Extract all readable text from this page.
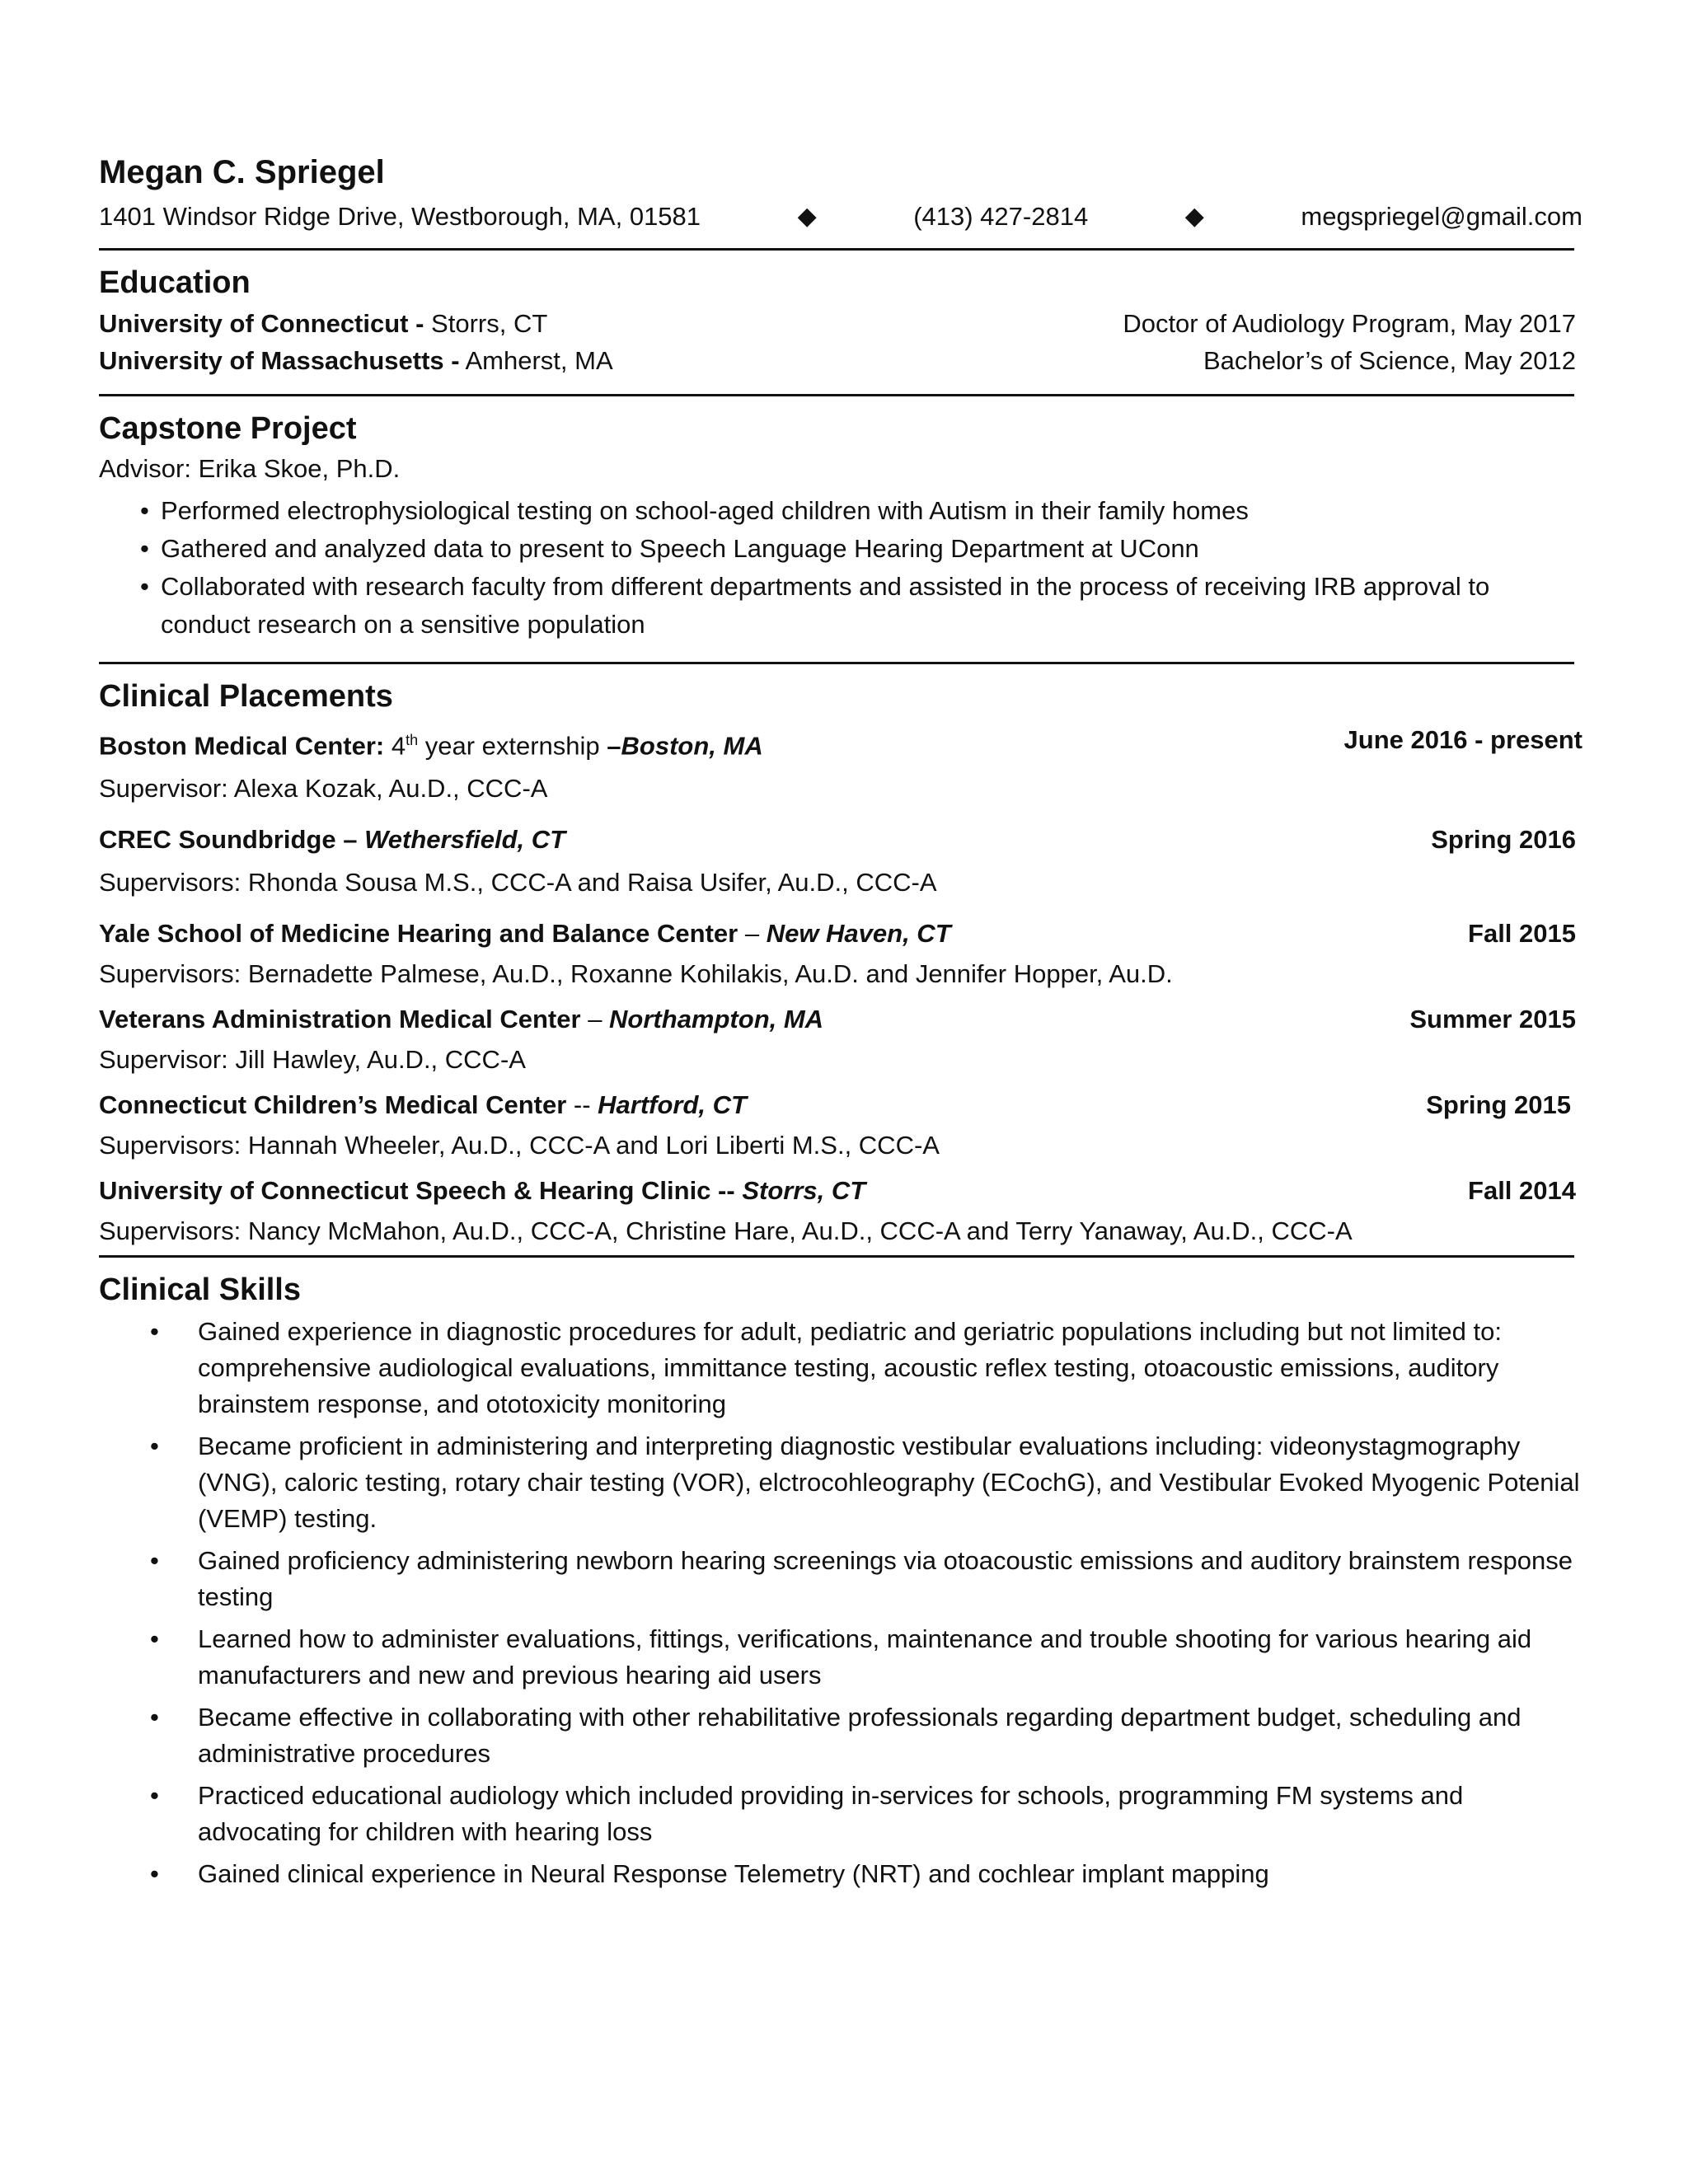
Megan C. Spriegel
1401 Windsor Ridge Drive, Westborough, MA, 01581	◆	(413) 427-2814	◆	megspriegel@gmail.com
Education
University of Connecticut - Storrs, CT	Doctor of Audiology Program, May 2017
University of Massachusetts - Amherst, MA	Bachelor’s of Science, May 2012
Capstone Project
Advisor: Erika Skoe, Ph.D.
• Performed electrophysiological testing on school-aged children with Autism in their family homes
• Gathered and analyzed data to present to Speech Language Hearing Department at UConn
• Collaborated with research faculty from different departments and assisted in the process of receiving IRB approval to conduct research on a sensitive population
Clinical Placements
Boston Medical Center: 4th year externship –Boston, MA	June 2016 - present
Supervisor: Alexa Kozak, Au.D., CCC-A
CREC Soundbridge – Wethersfield, CT	Spring 2016
Supervisors: Rhonda Sousa M.S., CCC-A and Raisa Usifer, Au.D., CCC-A
Yale School of Medicine Hearing and Balance Center – New Haven, CT	Fall 2015
Supervisors: Bernadette Palmese, Au.D., Roxanne Kohilakis, Au.D. and Jennifer Hopper, Au.D.
Veterans Administration Medical Center – Northampton, MA	Summer 2015
Supervisor: Jill Hawley, Au.D., CCC-A
Connecticut Children’s Medical Center -- Hartford, CT	Spring 2015
Supervisors: Hannah Wheeler, Au.D., CCC-A and Lori Liberti M.S., CCC-A
University of Connecticut Speech & Hearing Clinic -- Storrs, CT	Fall 2014
Supervisors: Nancy McMahon, Au.D., CCC-A, Christine Hare, Au.D., CCC-A and Terry Yanaway, Au.D., CCC-A
Clinical Skills
• Gained experience in diagnostic procedures for adult, pediatric and geriatric populations including but not limited to: comprehensive audiological evaluations, immittance testing, acoustic reflex testing, otoacoustic emissions, auditory brainstem response, and ototoxicity monitoring
• Became proficient in administering and interpreting diagnostic vestibular evaluations including: videonystagmography (VNG), caloric testing, rotary chair testing (VOR), elctrocohleography (ECochG), and Vestibular Evoked Myogenic Potenial (VEMP) testing.
• Gained proficiency administering newborn hearing screenings via otoacoustic emissions and auditory brainstem response testing
• Learned how to administer evaluations, fittings, verifications, maintenance and trouble shooting for various hearing aid manufacturers and new and previous hearing aid users
• Became effective in collaborating with other rehabilitative professionals regarding department budget, scheduling and administrative procedures
• Practiced educational audiology which included providing in-services for schools, programming FM systems and advocating for children with hearing loss
• Gained clinical experience in Neural Response Telemetry (NRT) and cochlear implant mapping
